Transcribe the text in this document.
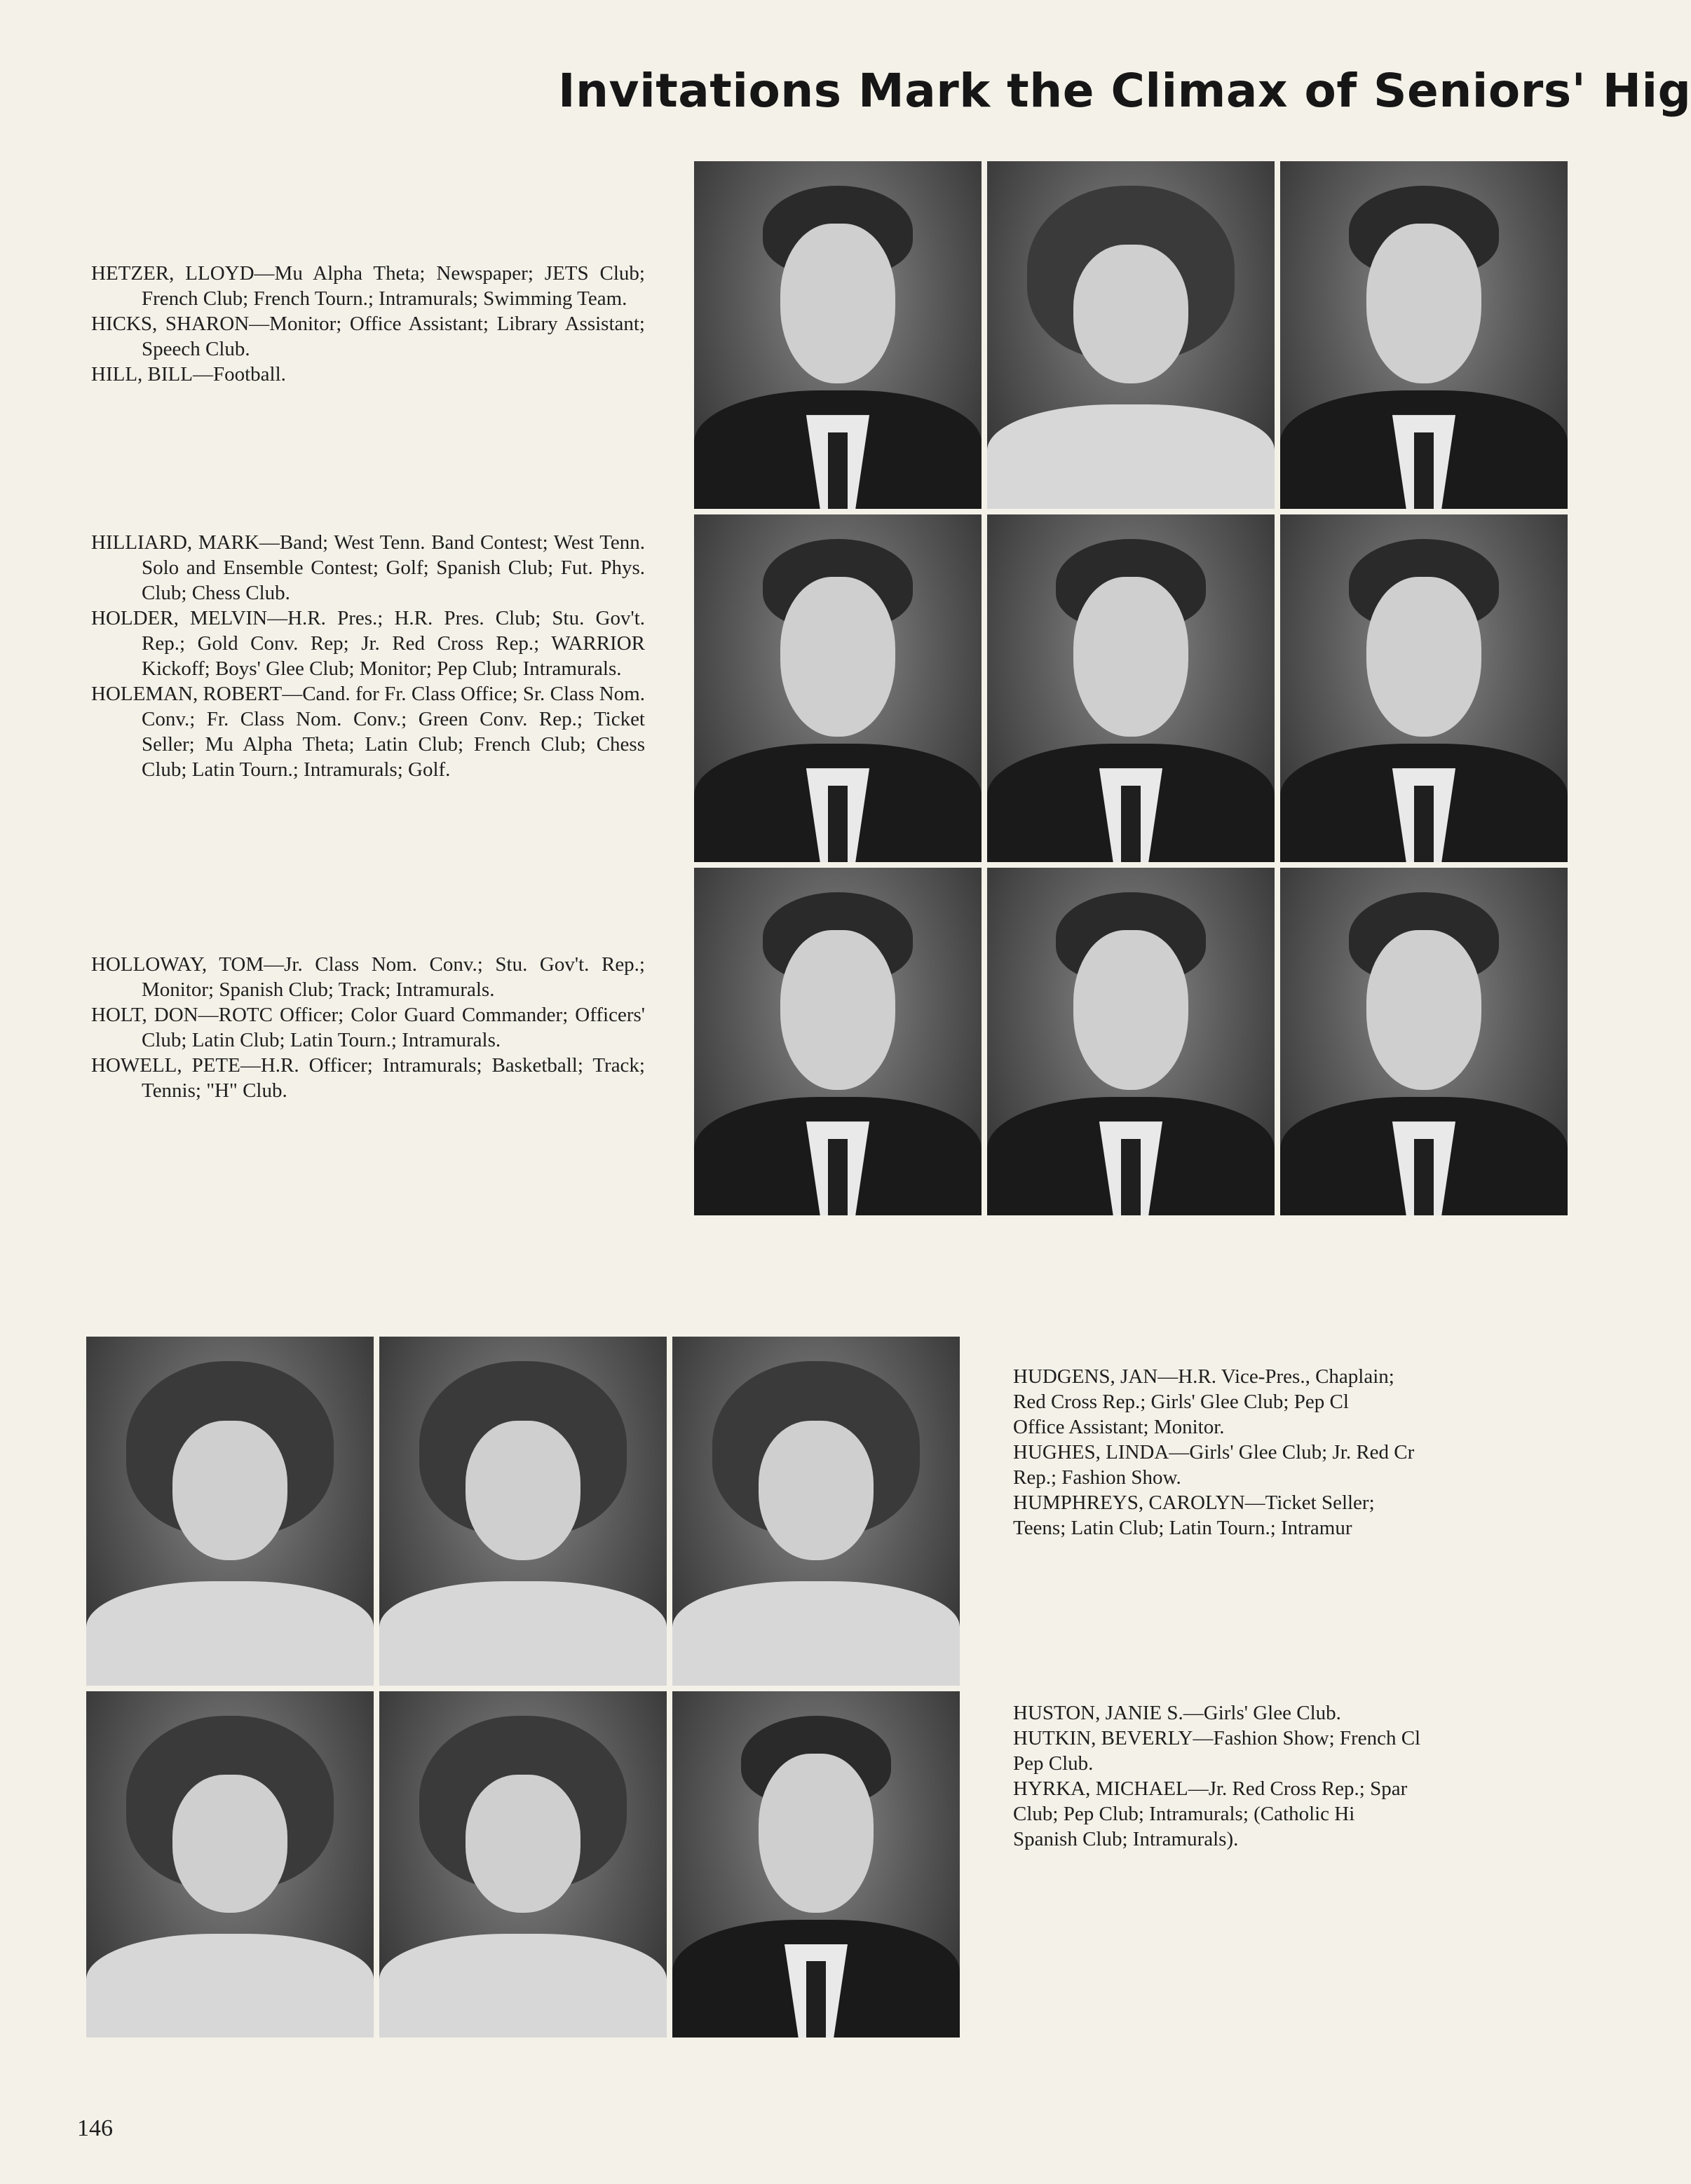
Invitations Mark the Climax of Seniors' Hig

HETZER, LLOYD—Mu Alpha Theta; Newspaper; JETS Club; French Club; French Tourn.; Intramurals; Swimming Team.

HICKS, SHARON—Monitor; Office Assistant; Library Assistant; Speech Club.

HILL, BILL—Football.

HILLIARD, MARK—Band; West Tenn. Band Contest; West Tenn. Solo and Ensemble Contest; Golf; Spanish Club; Fut. Phys. Club; Chess Club.

HOLDER, MELVIN—H.R. Pres.; H.R. Pres. Club; Stu. Gov't. Rep.; Gold Conv. Rep; Jr. Red Cross Rep.; WARRIOR Kickoff; Boys' Glee Club; Monitor; Pep Club; Intramurals.

HOLEMAN, ROBERT—Cand. for Fr. Class Office; Sr. Class Nom. Conv.; Fr. Class Nom. Conv.; Green Conv. Rep.; Ticket Seller; Mu Alpha Theta; Latin Club; French Club; Chess Club; Latin Tourn.; Intramurals; Golf.

HOLLOWAY, TOM—Jr. Class Nom. Conv.; Stu. Gov't. Rep.; Monitor; Spanish Club; Track; Intramurals.

HOLT, DON—ROTC Officer; Color Guard Commander; Officers' Club; Latin Club; Latin Tourn.; Intramurals.

HOWELL, PETE—H.R. Officer; Intramurals; Basketball; Track; Tennis; "H" Club.

HUDGENS, JAN—H.R. Vice-Pres., Chaplain;

Red Cross Rep.; Girls' Glee Club; Pep Cl

Office Assistant; Monitor.

HUGHES, LINDA—Girls' Glee Club; Jr. Red Cr

Rep.; Fashion Show.

HUMPHREYS, CAROLYN—Ticket Seller;

Teens; Latin Club; Latin Tourn.; Intramur

HUSTON, JANIE S.—Girls' Glee Club.

HUTKIN, BEVERLY—Fashion Show; French Cl

Pep Club.

HYRKA, MICHAEL—Jr. Red Cross Rep.; Spar

Club; Pep Club; Intramurals; (Catholic Hi

Spanish Club; Intramurals).

146
